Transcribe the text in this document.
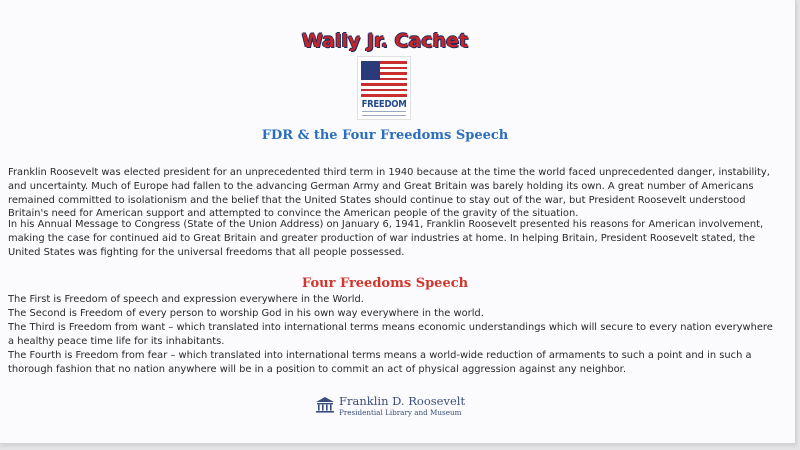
Wally Jr. Cachet
FREEDOM
FDR & the Four Freedoms Speech

Franklin Roosevelt was elected president for an unprecedented third term in 1940 because at the time the world faced unprecedented danger, instability, and uncertainty. Much of Europe had fallen to the advancing German Army and Great Britain was barely holding its own. A great number of Americans remained committed to isolationism and the belief that the United States should continue to stay out of the war, but President Roosevelt understood Britain's need for American support and attempted to convince the American people of the gravity of the situation.

In his Annual Message to Congress (State of the Union Address) on January 6, 1941, Franklin Roosevelt presented his reasons for American involvement, making the case for continued aid to Great Britain and greater production of war industries at home. In helping Britain, President Roosevelt stated, the United States was fighting for the universal freedoms that all people possessed.

Four Freedoms Speech

The First is Freedom of speech and expression everywhere in the World.

The Second is Freedom of every person to worship God in his own way everywhere in the world.

The Third is Freedom from want – which translated into international terms means economic understandings which will secure to every nation everywhere a healthy peace time life for its inhabitants.

The Fourth is Freedom from fear – which translated into international terms means a world-wide reduction of armaments to such a point and in such a thorough fashion that no nation anywhere will be in a position to commit an act of physical aggression against any neighbor.

Franklin D. Roosevelt
Presidential Library and Museum
